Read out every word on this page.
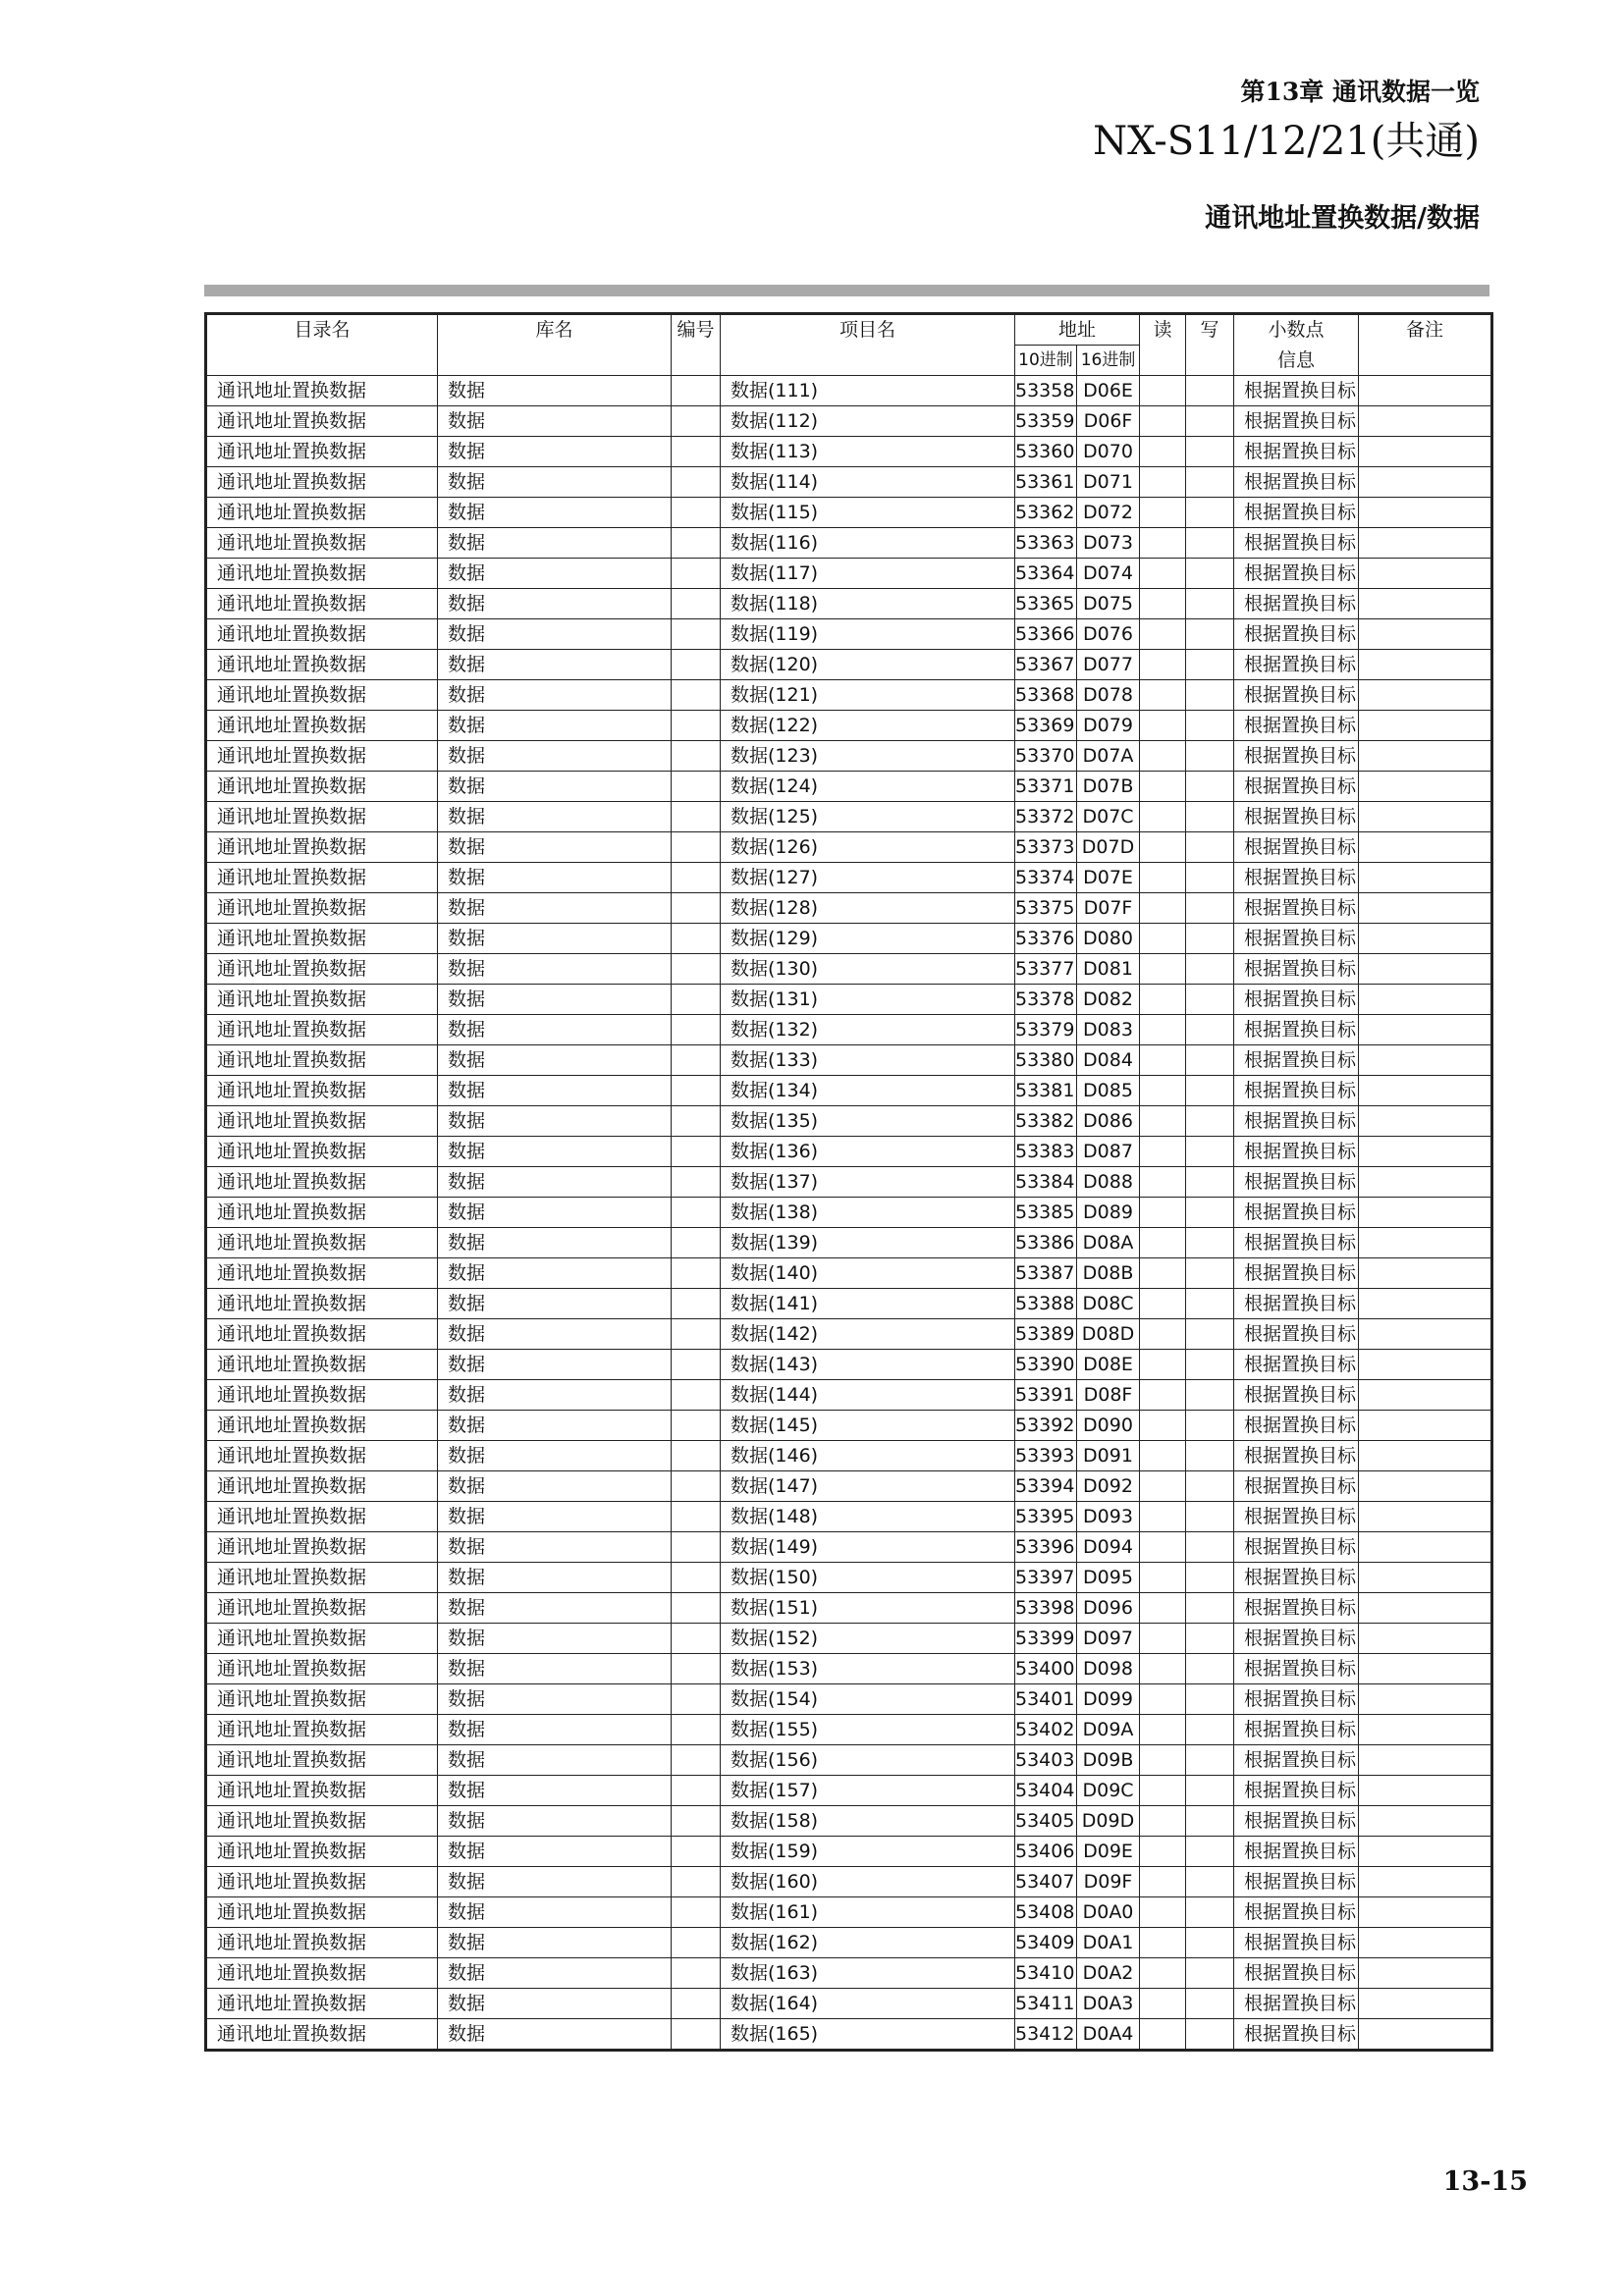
第13章 通讯数据一览
NX-S11/12/21(共通)
通讯地址置换数据/数据
目录名	库名	编号	项目名	地址		读	写	小数点	备注
				10进制	16进制			信息	
通讯地址置换数据	数据		数据(111)	53358	D06E			根据置换目标	
通讯地址置换数据	数据		数据(112)	53359	D06F			根据置换目标	
通讯地址置换数据	数据		数据(113)	53360	D070			根据置换目标	
通讯地址置换数据	数据		数据(114)	53361	D071			根据置换目标	
通讯地址置换数据	数据		数据(115)	53362	D072			根据置换目标	
通讯地址置换数据	数据		数据(116)	53363	D073			根据置换目标	
通讯地址置换数据	数据		数据(117)	53364	D074			根据置换目标	
通讯地址置换数据	数据		数据(118)	53365	D075			根据置换目标	
通讯地址置换数据	数据		数据(119)	53366	D076			根据置换目标	
通讯地址置换数据	数据		数据(120)	53367	D077			根据置换目标	
通讯地址置换数据	数据		数据(121)	53368	D078			根据置换目标	
通讯地址置换数据	数据		数据(122)	53369	D079			根据置换目标	
通讯地址置换数据	数据		数据(123)	53370	D07A			根据置换目标	
通讯地址置换数据	数据		数据(124)	53371	D07B			根据置换目标	
通讯地址置换数据	数据		数据(125)	53372	D07C			根据置换目标	
通讯地址置换数据	数据		数据(126)	53373	D07D			根据置换目标	
通讯地址置换数据	数据		数据(127)	53374	D07E			根据置换目标	
通讯地址置换数据	数据		数据(128)	53375	D07F			根据置换目标	
通讯地址置换数据	数据		数据(129)	53376	D080			根据置换目标	
通讯地址置换数据	数据		数据(130)	53377	D081			根据置换目标	
通讯地址置换数据	数据		数据(131)	53378	D082			根据置换目标	
通讯地址置换数据	数据		数据(132)	53379	D083			根据置换目标	
通讯地址置换数据	数据		数据(133)	53380	D084			根据置换目标	
通讯地址置换数据	数据		数据(134)	53381	D085			根据置换目标	
通讯地址置换数据	数据		数据(135)	53382	D086			根据置换目标	
通讯地址置换数据	数据		数据(136)	53383	D087			根据置换目标	
通讯地址置换数据	数据		数据(137)	53384	D088			根据置换目标	
通讯地址置换数据	数据		数据(138)	53385	D089			根据置换目标	
通讯地址置换数据	数据		数据(139)	53386	D08A			根据置换目标	
通讯地址置换数据	数据		数据(140)	53387	D08B			根据置换目标	
通讯地址置换数据	数据		数据(141)	53388	D08C			根据置换目标	
通讯地址置换数据	数据		数据(142)	53389	D08D			根据置换目标	
通讯地址置换数据	数据		数据(143)	53390	D08E			根据置换目标	
通讯地址置换数据	数据		数据(144)	53391	D08F			根据置换目标	
通讯地址置换数据	数据		数据(145)	53392	D090			根据置换目标	
通讯地址置换数据	数据		数据(146)	53393	D091			根据置换目标	
通讯地址置换数据	数据		数据(147)	53394	D092			根据置换目标	
通讯地址置换数据	数据		数据(148)	53395	D093			根据置换目标	
通讯地址置换数据	数据		数据(149)	53396	D094			根据置换目标	
通讯地址置换数据	数据		数据(150)	53397	D095			根据置换目标	
通讯地址置换数据	数据		数据(151)	53398	D096			根据置换目标	
通讯地址置换数据	数据		数据(152)	53399	D097			根据置换目标	
通讯地址置换数据	数据		数据(153)	53400	D098			根据置换目标	
通讯地址置换数据	数据		数据(154)	53401	D099			根据置换目标	
通讯地址置换数据	数据		数据(155)	53402	D09A			根据置换目标	
通讯地址置换数据	数据		数据(156)	53403	D09B			根据置换目标	
通讯地址置换数据	数据		数据(157)	53404	D09C			根据置换目标	
通讯地址置换数据	数据		数据(158)	53405	D09D			根据置换目标	
通讯地址置换数据	数据		数据(159)	53406	D09E			根据置换目标	
通讯地址置换数据	数据		数据(160)	53407	D09F			根据置换目标	
通讯地址置换数据	数据		数据(161)	53408	D0A0			根据置换目标	
通讯地址置换数据	数据		数据(162)	53409	D0A1			根据置换目标	
通讯地址置换数据	数据		数据(163)	53410	D0A2			根据置换目标	
通讯地址置换数据	数据		数据(164)	53411	D0A3			根据置换目标	
通讯地址置换数据	数据		数据(165)	53412	D0A4			根据置换目标	
13-15
